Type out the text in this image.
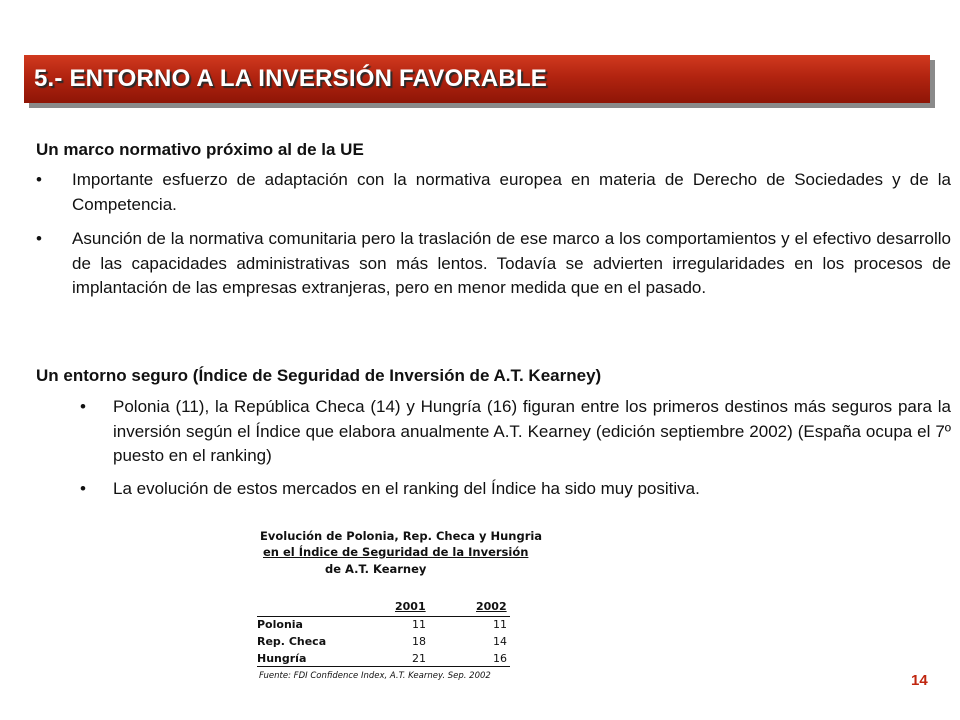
5.- ENTORNO A LA INVERSIÓN FAVORABLE
Un marco normativo próximo al de la UE
• Importante esfuerzo de adaptación con la normativa europea en materia de Derecho de Sociedades y de la Competencia.
• Asunción de la normativa comunitaria pero la traslación de ese marco a los comportamientos y el efectivo desarrollo de las capacidades administrativas son más lentos. Todavía se advierten irregularidades en los procesos de implantación de las empresas extranjeras, pero en menor medida que en el pasado.
Un entorno seguro (Índice de Seguridad de Inversión de A.T. Kearney)
• Polonia (11), la República Checa (14) y Hungría (16) figuran entre los primeros destinos más seguros para la inversión según el Índice que elabora anualmente A.T. Kearney (edición septiembre 2002) (España ocupa el 7º puesto en el ranking)
• La evolución de estos mercados en el ranking del Índice ha sido muy positiva.
Evolución de Polonia, Rep. Checa y Hungria
en el Índice de Seguridad de la Inversión
de A.T. Kearney
2001	2002
Polonia	11	11
Rep. Checa	18	14
Hungría	21	16
Fuente: FDI Confidence Index, A.T. Kearney. Sep. 2002	14
